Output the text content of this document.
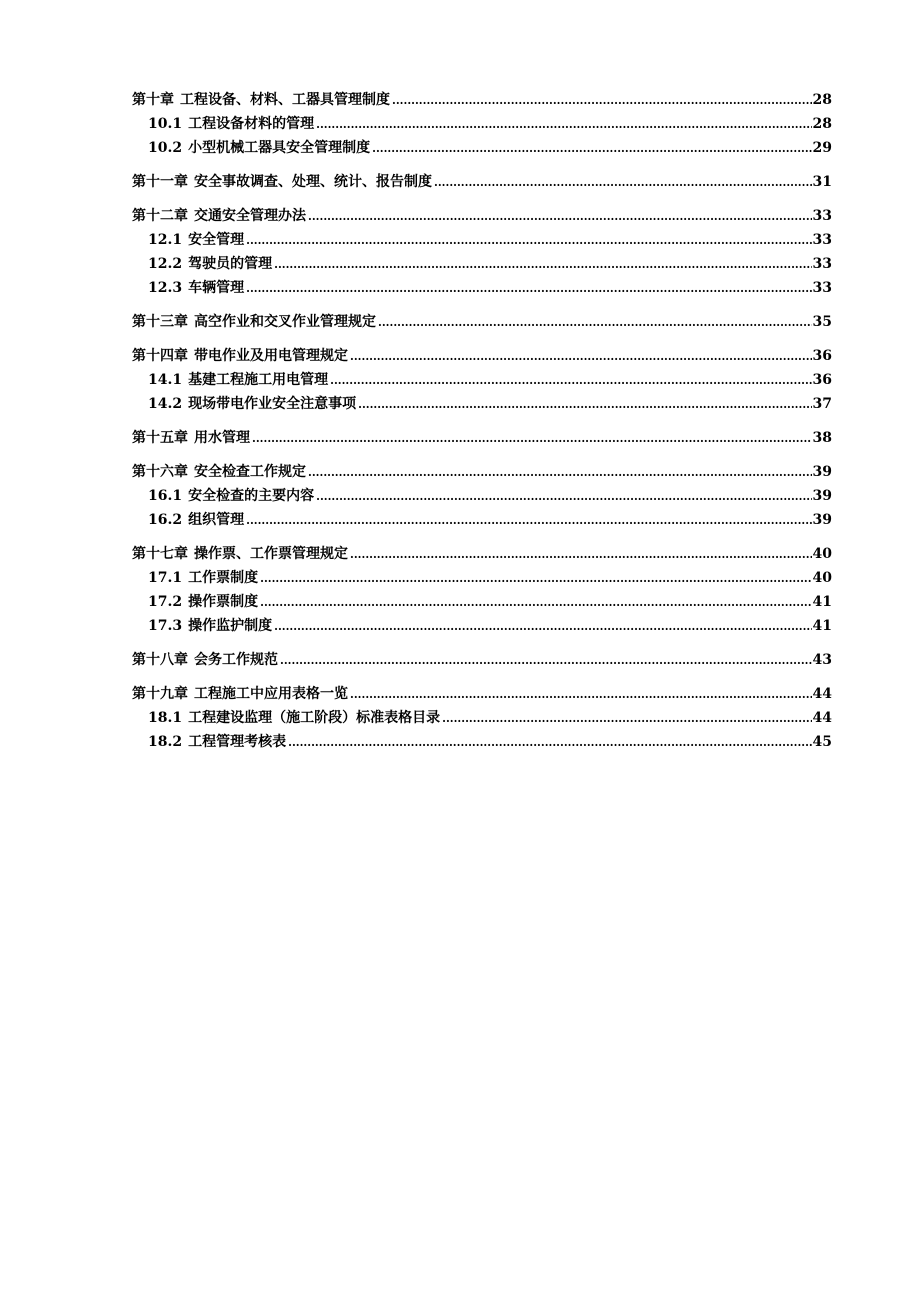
第十章 工程设备、材料、工器具管理制度 .....	28
10.1 工程设备材料的管理 .....	28
10.2 小型机械工器具安全管理制度 .....	29
第十一章 安全事故调查、处理、统计、报告制度 .....	31
第十二章 交通安全管理办法 .....	33
12.1 安全管理 .....	33
12.2 驾驶员的管理 .....	33
12.3 车辆管理 .....	33
第十三章 高空作业和交叉作业管理规定 .....	35
第十四章 带电作业及用电管理规定 .....	36
14.1 基建工程施工用电管理 .....	36
14.2 现场带电作业安全注意事项 .....	37
第十五章 用水管理 .....	38
第十六章 安全检查工作规定 .....	39
16.1 安全检查的主要内容 .....	39
16.2 组织管理 .....	39
第十七章 操作票、工作票管理规定 .....	40
17.1 工作票制度 .....	40
17.2 操作票制度 .....	41
17.3 操作监护制度 .....	41
第十八章 会务工作规范 .....	43
第十九章 工程施工中应用表格一览 .....	44
18.1 工程建设监理（施工阶段）标准表格目录 .....	44
18.2 工程管理考核表 .....	45
